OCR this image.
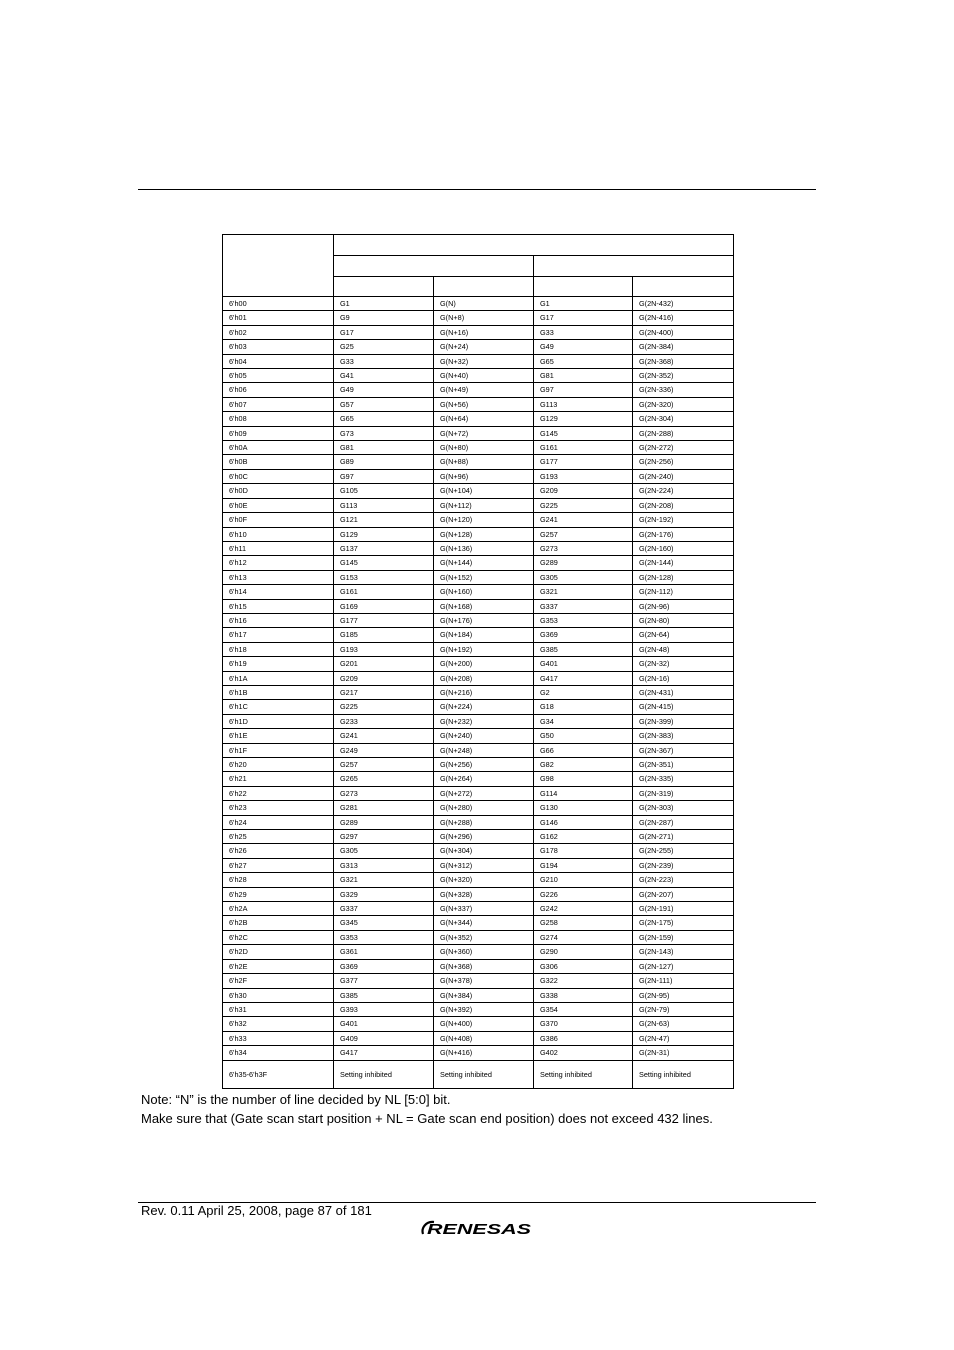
6'h00	G1	G(N)	G1	G(2N-432)
6'h01	G9	G(N+8)	G17	G(2N-416)
6'h02	G17	G(N+16)	G33	G(2N-400)
6'h03	G25	G(N+24)	G49	G(2N-384)
6'h04	G33	G(N+32)	G65	G(2N-368)
6'h05	G41	G(N+40)	G81	G(2N-352)
6'h06	G49	G(N+49)	G97	G(2N-336)
6'h07	G57	G(N+56)	G113	G(2N-320)
6'h08	G65	G(N+64)	G129	G(2N-304)
6'h09	G73	G(N+72)	G145	G(2N-288)
6'h0A	G81	G(N+80)	G161	G(2N-272)
6'h0B	G89	G(N+88)	G177	G(2N-256)
6'h0C	G97	G(N+96)	G193	G(2N-240)
6'h0D	G105	G(N+104)	G209	G(2N-224)
6'h0E	G113	G(N+112)	G225	G(2N-208)
6'h0F	G121	G(N+120)	G241	G(2N-192)
6'h10	G129	G(N+128)	G257	G(2N-176)
6'h11	G137	G(N+136)	G273	G(2N-160)
6'h12	G145	G(N+144)	G289	G(2N-144)
6'h13	G153	G(N+152)	G305	G(2N-128)
6'h14	G161	G(N+160)	G321	G(2N-112)
6'h15	G169	G(N+168)	G337	G(2N-96)
6'h16	G177	G(N+176)	G353	G(2N-80)
6'h17	G185	G(N+184)	G369	G(2N-64)
6'h18	G193	G(N+192)	G385	G(2N-48)
6'h19	G201	G(N+200)	G401	G(2N-32)
6'h1A	G209	G(N+208)	G417	G(2N-16)
6'h1B	G217	G(N+216)	G2	G(2N-431)
6'h1C	G225	G(N+224)	G18	G(2N-415)
6'h1D	G233	G(N+232)	G34	G(2N-399)
6'h1E	G241	G(N+240)	G50	G(2N-383)
6'h1F	G249	G(N+248)	G66	G(2N-367)
6'h20	G257	G(N+256)	G82	G(2N-351)
6'h21	G265	G(N+264)	G98	G(2N-335)
6'h22	G273	G(N+272)	G114	G(2N-319)
6'h23	G281	G(N+280)	G130	G(2N-303)
6'h24	G289	G(N+288)	G146	G(2N-287)
6'h25	G297	G(N+296)	G162	G(2N-271)
6'h26	G305	G(N+304)	G178	G(2N-255)
6'h27	G313	G(N+312)	G194	G(2N-239)
6'h28	G321	G(N+320)	G210	G(2N-223)
6'h29	G329	G(N+328)	G226	G(2N-207)
6'h2A	G337	G(N+337)	G242	G(2N-191)
6'h2B	G345	G(N+344)	G258	G(2N-175)
6'h2C	G353	G(N+352)	G274	G(2N-159)
6'h2D	G361	G(N+360)	G290	G(2N-143)
6'h2E	G369	G(N+368)	G306	G(2N-127)
6'h2F	G377	G(N+378)	G322	G(2N-111)
6'h30	G385	G(N+384)	G338	G(2N-95)
6'h31	G393	G(N+392)	G354	G(2N-79)
6'h32	G401	G(N+400)	G370	G(2N-63)
6'h33	G409	G(N+408)	G386	G(2N-47)
6'h34	G417	G(N+416)	G402	G(2N-31)
6'h35-6'h3F	Setting inhibited	Setting inhibited	Setting inhibited	Setting inhibited
Note: “N” is the number of line decided by NL [5:0] bit.
Make sure that (Gate scan start position + NL = Gate scan end position) does not exceed 432 lines.
Rev. 0.11 April 25, 2008, page 87 of 181
RENESAS
